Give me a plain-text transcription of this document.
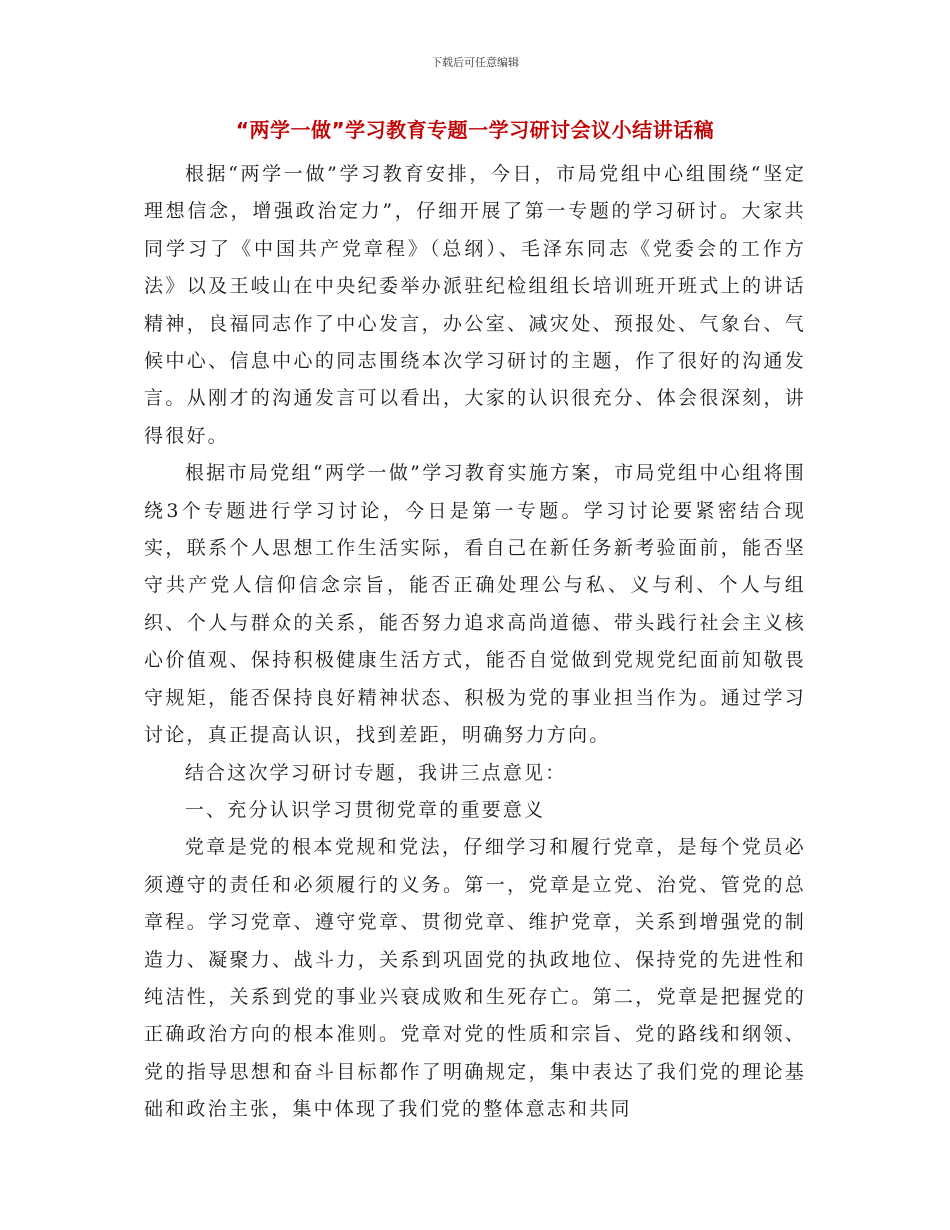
下载后可任意编辑
“两学一做”学习教育专题一学习研讨会议小结讲话稿

根据“两学一做”学习教育安排，今日，市局党组中心组围绕“坚定理想信念，增强政治定力”，仔细开展了第一专题的学习研讨。大家共同学习了《中国共产党章程》（总纲）、毛泽东同志《党委会的工作方法》以及王岐山在中央纪委举办派驻纪检组组长培训班开班式上的讲话精神，良福同志作了中心发言，办公室、减灾处、预报处、气象台、气候中心、信息中心的同志围绕本次学习研讨的主题，作了很好的沟通发言。从刚才的沟通发言可以看出，大家的认识很充分、体会很深刻，讲得很好。

根据市局党组“两学一做”学习教育实施方案，市局党组中心组将围绕3个专题进行学习讨论，今日是第一专题。学习讨论要紧密结合现实，联系个人思想工作生活实际，看自己在新任务新考验面前，能否坚守共产党人信仰信念宗旨，能否正确处理公与私、义与利、个人与组织、个人与群众的关系，能否努力追求高尚道德、带头践行社会主义核心价值观、保持积极健康生活方式，能否自觉做到党规党纪面前知敬畏守规矩，能否保持良好精神状态、积极为党的事业担当作为。通过学习讨论，真正提高认识，找到差距，明确努力方向。

结合这次学习研讨专题，我讲三点意见：

一、充分认识学习贯彻党章的重要意义

党章是党的根本党规和党法，仔细学习和履行党章，是每个党员必须遵守的责任和必须履行的义务。第一，党章是立党、治党、管党的总章程。学习党章、遵守党章、贯彻党章、维护党章，关系到增强党的制造力、凝聚力、战斗力，关系到巩固党的执政地位、保持党的先进性和纯洁性，关系到党的事业兴衰成败和生死存亡。第二，党章是把握党的正确政治方向的根本准则。党章对党的性质和宗旨、党的路线和纲领、党的指导思想和奋斗目标都作了明确规定，集中表达了我们党的理论基础和政治主张，集中体现了我们党的整体意志和共同
